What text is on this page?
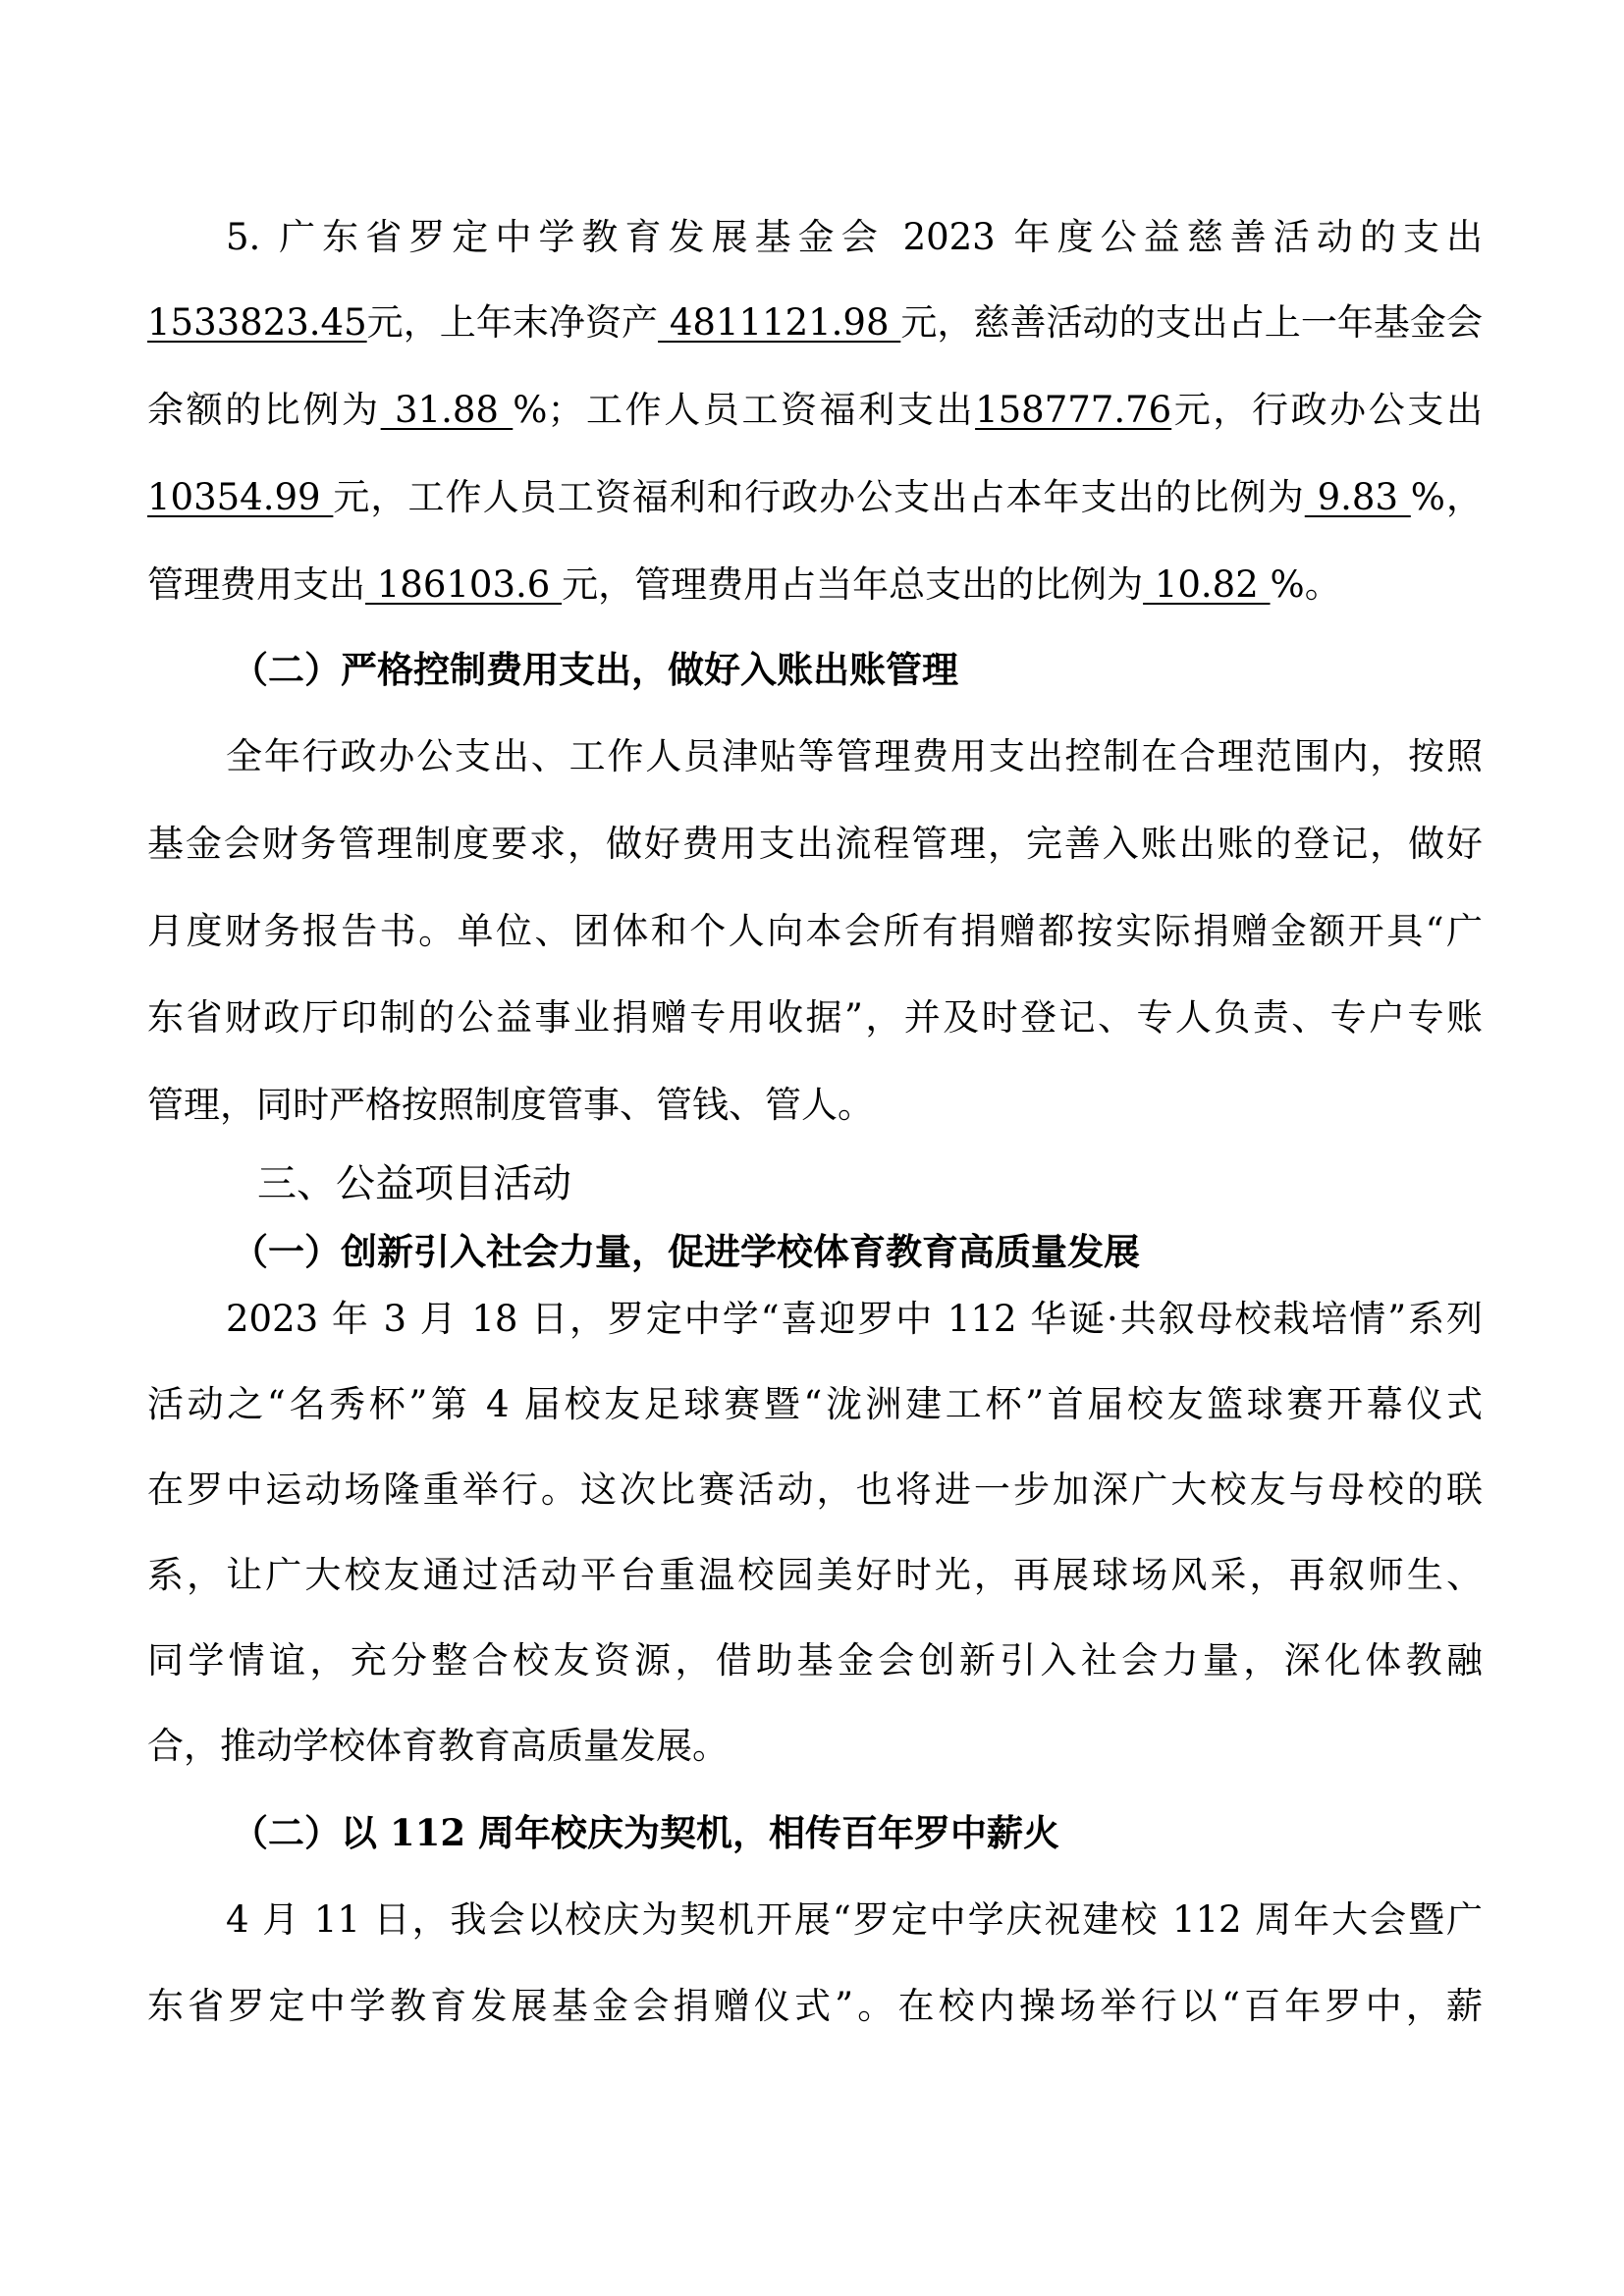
5. 广东省罗定中学教育发展基金会 2023 年度公益慈善活动的支出
1533823.45元，上年末净资产 4811121.98 元，慈善活动的支出占上一年基金会
余额的比例为 31.88 %；工作人员工资福利支出158777.76元，行政办公支出
10354.99 元，工作人员工资福利和行政办公支出占本年支出的比例为 9.83 %，
管理费用支出 186103.6 元，管理费用占当年总支出的比例为 10.82 %。
（二）严格控制费用支出，做好入账出账管理
全年行政办公支出、工作人员津贴等管理费用支出控制在合理范围内，按照
基金会财务管理制度要求，做好费用支出流程管理，完善入账出账的登记，做好
月度财务报告书。单位、团体和个人向本会所有捐赠都按实际捐赠金额开具“广
东省财政厅印制的公益事业捐赠专用收据”，并及时登记、专人负责、专户专账
管理，同时严格按照制度管事、管钱、管人。
三、公益项目活动
（一）创新引入社会力量，促进学校体育教育高质量发展
2023 年 3 月 18 日，罗定中学“喜迎罗中 112 华诞·共叙母校栽培情”系列
活动之“名秀杯”第 4 届校友足球赛暨“泷洲建工杯”首届校友篮球赛开幕仪式
在罗中运动场隆重举行。这次比赛活动，也将进一步加深广大校友与母校的联
系，让广大校友通过活动平台重温校园美好时光，再展球场风采，再叙师生、
同学情谊，充分整合校友资源，借助基金会创新引入社会力量，深化体教融
合，推动学校体育教育高质量发展。
（二）以 112 周年校庆为契机，相传百年罗中薪火
4 月 11 日，我会以校庆为契机开展“罗定中学庆祝建校 112 周年大会暨广
东省罗定中学教育发展基金会捐赠仪式”。在校内操场举行以“百年罗中，薪
